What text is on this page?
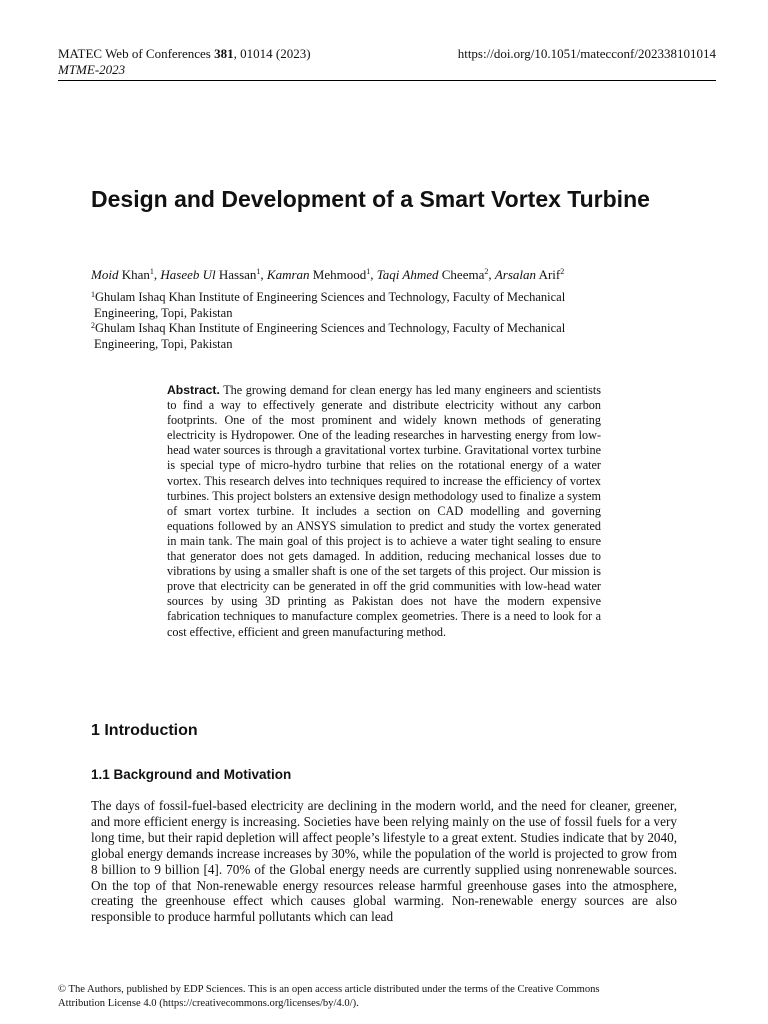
MATEC Web of Conferences 381, 01014 (2023)	https://doi.org/10.1051/matecconf/202338101014
MTME-2023
Design and Development of a Smart Vortex Turbine
Moid Khan$^1$, Haseeb Ul Hassan$^1$, Kamran Mehmood$^1$, Taqi Ahmed Cheema$^2$, Arsalan Arif$^2$

$^1$Ghulam Ishaq Khan Institute of Engineering Sciences and Technology, Faculty of Mechanical
Engineering, Topi, Pakistan

$^2$Ghulam Ishaq Khan Institute of Engineering Sciences and Technology, Faculty of Mechanical
Engineering, Topi, Pakistan

Abstract. The growing demand for clean energy has led many engineers and scientists to find a way to effectively generate and distribute electricity without any carbon footprints. One of the most prominent and widely known methods of generating electricity is Hydropower. One of the leading researches in harvesting energy from low-head water sources is through a gravitational vortex turbine. Gravitational vortex turbine is special type of micro-hydro turbine that relies on the rotational energy of a water vortex. This research delves into techniques required to increase the efficiency of vortex turbines. This project bolsters an extensive design methodology used to finalize a system of smart vortex turbine. It includes a section on CAD modelling and governing equations followed by an ANSYS simulation to predict and study the vortex generated in main tank. The main goal of this project is to achieve a water tight sealing to ensure that generator does not gets damaged. In addition, reducing mechanical losses due to vibrations by using a smaller shaft is one of the set targets of this project. Our mission is prove that electricity can be generated in off the grid communities with low-head water sources by using 3D printing as Pakistan does not have the modern expensive fabrication techniques to manufacture complex geometries. There is a need to look for a cost effective, efficient and green manufacturing method.

1 Introduction
1.1 Background and Motivation

The days of fossil-fuel-based electricity are declining in the modern world, and the need for cleaner, greener, and more efficient energy is increasing. Societies have been relying mainly on the use of fossil fuels for a very long time, but their rapid depletion will affect people’s lifestyle to a great extent. Studies indicate that by 2040, global energy demands increase increases by 30%, while the population of the world is projected to grow from 8 billion to 9 billion [4]. 70% of the Global energy needs are currently supplied using nonrenewable sources. On the top of that Non-renewable energy resources release harmful greenhouse gases into the atmosphere, creating the greenhouse effect which causes global warming. Non-renewable energy sources are also responsible to produce harmful pollutants which can lead

© The Authors, published by EDP Sciences. This is an open access article distributed under the terms of the Creative Commons
Attribution License 4.0 (https://creativecommons.org/licenses/by/4.0/).
